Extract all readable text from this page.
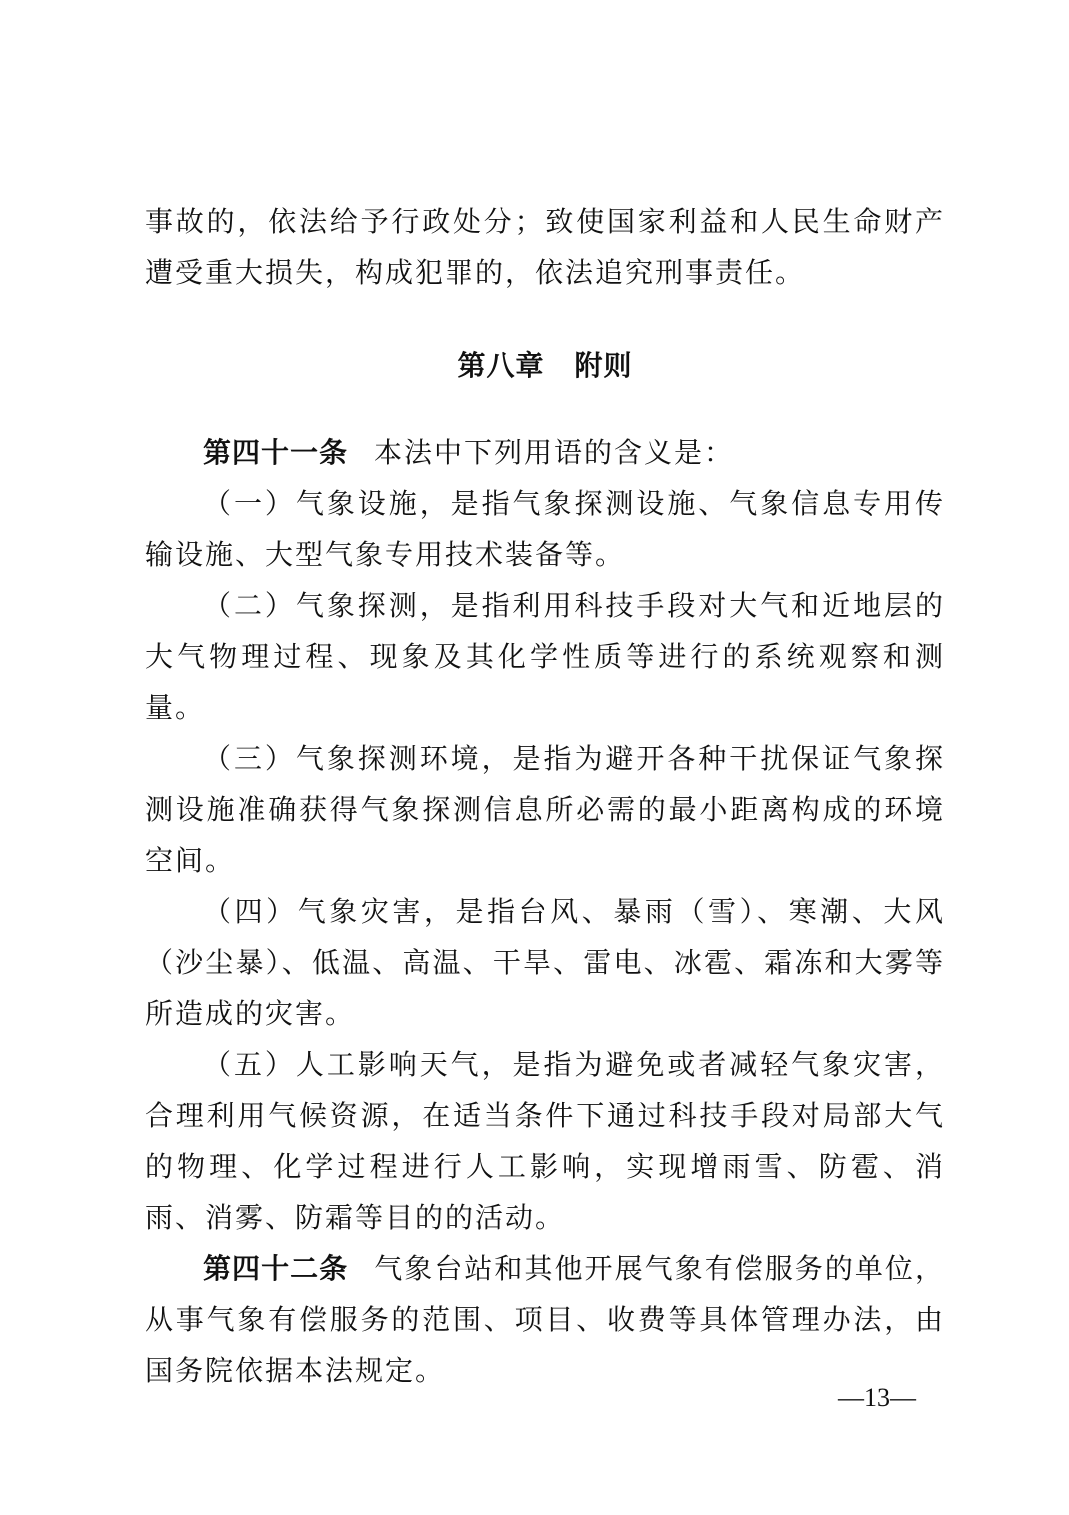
事故的，依法给予行政处分；致使国家利益和人民生命财产遭受重大损失，构成犯罪的，依法追究刑事责任。

第八章 附则

第四十一条 本法中下列用语的含义是：

（一）气象设施，是指气象探测设施、气象信息专用传输设施、大型气象专用技术装备等。

（二）气象探测，是指利用科技手段对大气和近地层的大气物理过程、现象及其化学性质等进行的系统观察和测量。

（三）气象探测环境，是指为避开各种干扰保证气象探测设施准确获得气象探测信息所必需的最小距离构成的环境空间。

（四）气象灾害，是指台风、暴雨（雪）、寒潮、大风（沙尘暴）、低温、高温、干旱、雷电、冰雹、霜冻和大雾等所造成的灾害。

（五）人工影响天气，是指为避免或者减轻气象灾害，合理利用气候资源，在适当条件下通过科技手段对局部大气的物理、化学过程进行人工影响，实现增雨雪、防雹、消雨、消雾、防霜等目的的活动。

第四十二条 气象台站和其他开展气象有偿服务的单位，从事气象有偿服务的范围、项目、收费等具体管理办法，由国务院依据本法规定。

—13—
